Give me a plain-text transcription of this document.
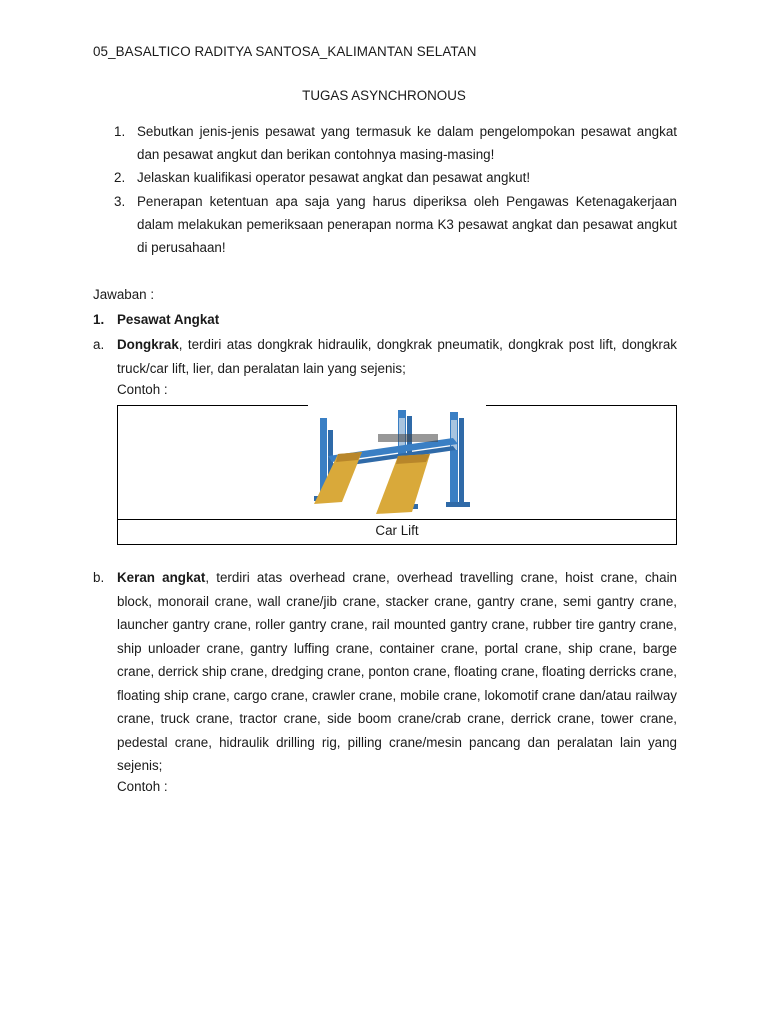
05_BASALTICO RADITYA SANTOSA_KALIMANTAN SELATAN
TUGAS ASYNCHRONOUS
1. Sebutkan jenis-jenis pesawat yang termasuk ke dalam pengelompokan pesawat angkat dan pesawat angkut dan berikan contohnya masing-masing!
2. Jelaskan kualifikasi operator pesawat angkat dan pesawat angkut!
3. Penerapan ketentuan apa saja yang harus diperiksa oleh Pengawas Ketenagakerjaan dalam melakukan pemeriksaan penerapan norma K3 pesawat angkat dan pesawat angkut di perusahaan!
Jawaban :
1. Pesawat Angkat
a. Dongkrak, terdiri atas dongkrak hidraulik, dongkrak pneumatik, dongkrak post lift, dongkrak truck/car lift, lier, dan peralatan lain yang sejenis;
Contoh :
Car Lift
b. Keran angkat, terdiri atas overhead crane, overhead travelling crane, hoist crane, chain block, monorail crane, wall crane/jib crane, stacker crane, gantry crane, semi gantry crane, launcher gantry crane, roller gantry crane, rail mounted gantry crane, rubber tire gantry crane, ship unloader crane, gantry luffing crane, container crane, portal crane, ship crane, barge crane, derrick ship crane, dredging crane, ponton crane, floating crane, floating derricks crane, floating ship crane, cargo crane, crawler crane, mobile crane, lokomotif crane dan/atau railway crane, truck crane, tractor crane, side boom crane/crab crane, derrick crane, tower crane, pedestal crane, hidraulik drilling rig, pilling crane/mesin pancang dan peralatan lain yang sejenis;
Contoh :
